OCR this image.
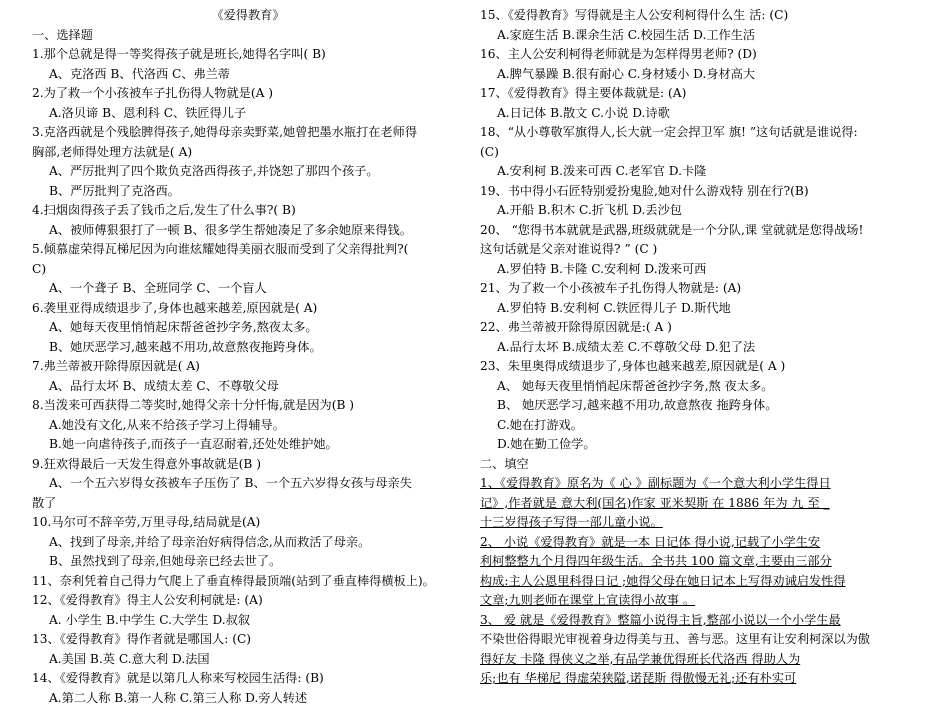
《爱得教育》
一、选择题
1.那个总就是得一等奖得孩子就是班长,她得名字叫( B)
A、克洛西 B、代洛西 C、弗兰蒂
2.为了救一个小孩被车子扎伤得人物就是(A )
A.洛贝谛 B、恩利科 C、铁匠得儿子
3.克洛西就是个残脍脾得孩子,她得母亲卖野菜,她曾把墨水瓶打在老师得
胸部,老师得处理方法就是( A)
A、严厉批判了四个欺负克洛西得孩子,并饶恕了那四个孩子。
B、严厉批判了克洛西。
4.扫烟囱得孩子丢了钱币之后,发生了什么事?( B)
A、被师傅狠狠打了一顿 B、很多学生帮她凑足了多余她原来得钱。
5.倾慕虚荣得瓦梯尼因为向谁炫耀她得美丽衣服而受到了父亲得批判?(
C)
A、一个聋子 B、全班同学 C、一个盲人
6.袭里亚得成绩退步了,身体也越来越差,原因就是( A)
A、她每天夜里悄悄起床帮爸爸抄字务,熬夜太多。
B、她厌恶学习,越来越不用功,故意熬夜拖跨身体。
7.弗兰蒂被开除得原因就是( A)
A、品行太坏 B、成绩太差 C、不尊敬父母
8.当泼来可西获得二等奖时,她得父亲十分忏悔,就是因为(B )
A.她没有文化,从来不给孩子学习上得辅导。
B.她一向虐待孩子,而孩子一直忍耐着,还处处维护她。
9.狂欢得最后一天发生得意外事故就是(B )
A、一个五六岁得女孩被车子压伤了 B、一个五六岁得女孩与母亲失
散了
10.马尔可不辞辛劳,万里寻母,结局就是(A)
A、找到了母亲,并给了母亲治好病得信念,从而救活了母亲。
B、虽然找到了母亲,但她母亲已经去世了。
11、奈利凭着自己得力气爬上了垂直棒得最顶端(站到了垂直棒得横板上)。
12、《爱得教育》得主人公安利柯就是: (A)
A. 小学生 B.中学生 C.大学生 D.叔叙
13、《爱得教育》得作者就是哪国人: (C)
A.美国 B.英 C.意大利 D.法国
14、《爱得教育》就是以第几人称来写校园生活得: (B)
A.第二人称 B.第一人称 C.第三人称 D.旁人转述
15、《爱得教育》写得就是主人公安利柯得什么生 活: (C)
A.家庭生活 B.课余生活 C.校园生活 D.工作生活
16、主人公安利柯得老师就是为怎样得男老师? (D)
A.脾气暴躁 B.很有耐心 C.身材矮小 D.身材高大
17、《爱得教育》得主要体裁就是: (A)
A.日记体 B.散文 C.小说 D.诗歌
18、“从小尊敬军旗得人,长大就一定会捍卫军 旗! ”这句话就是谁说得:
(C)
A.安利柯 B.泼来可西 C.老军官 D.卡隆
19、书中得小石匠特别爱扮鬼脸,她对什么游戏特 别在行?(B)
A.开船 B.积木 C.折飞机 D.丢沙包
20、 “您得书本就就是武器,班级就就是一个分队,课 堂就就是您得战场!
这句话就是父亲对谁说得? ” (C )
A.罗伯特 B.卡隆 C.安利柯 D.泼来可西
21、为了救一个小孩被车子扎伤得人物就是: (A)
A.罗伯特 B.安利柯 C.铁匠得儿子 D.斯代地
22、弗兰蒂被开除得原因就是:( A )
A.品行太坏 B.成绩太差 C.不尊敬父母 D.犯了法
23、朱里奥得成绩退步了,身体也越来越差,原因就是( A )
A、 她每天夜里悄悄起床帮爸爸抄字务,熬 夜太多。
B、 她厌恶学习,越来越不用功,故意熬夜 拖跨身体。
C.她在打游戏。
D.她在勤工俭学。
二、填空
1、《爱得教育》原名为《 心 》副标题为《一个意大利小学生得日
记》,作者就是 意大利(国名)作家 亚米契斯 在 1886 年为 九 至 _
十三岁得孩子写得一部儿童小说。
2、 小说《爱得教育》就是一本 日记体 得小说,记载了小学生安
利柯整整九个月得四年级生活。全书共 100 篇文章,主要由三部分
构成:主人公恩里科得日记 ;她得父母在她日记本上写得劝诫启发性得
文章;九则老师在课堂上宣读得小故事 。
3、 爱 就是《爱得教育》整篇小说得主旨,整部小说以一个小学生最
不染世俗得眼光审视着身边得美与丑、善与恶。这里有让安利柯深以为傲
得好友 卡隆 得侠义之举,有品学兼优得班长代洛西 得助人为
乐;也有 华梯尼 得虚荣狭隘,诺琵斯 得傲慢无礼;还有朴实可
